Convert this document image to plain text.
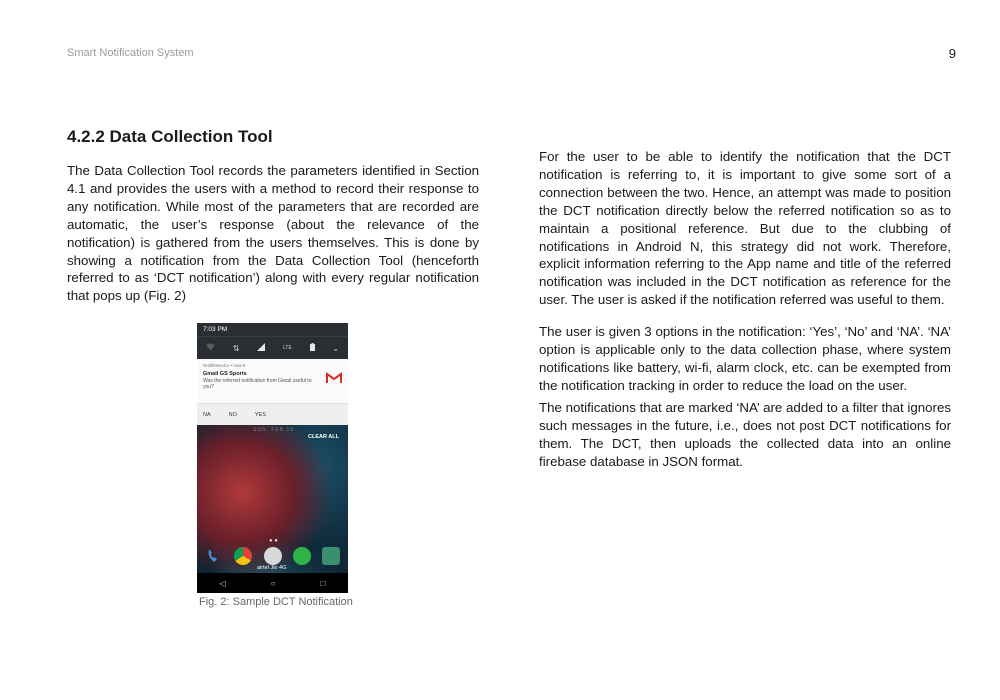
Smart Notification System	9
4.2.2 Data Collection Tool

The Data Collection Tool records the parameters identified in Section 4.1 and provides the users with a method to record their response to any notification. While most of the parameters that are recorded are automatic, the user’s response (about the relevance of the notification) is gathered from the users themselves. This is done by showing a notification from the Data Collection Tool (henceforth referred to as ‘DCT notification’) along with every regular notification that pops up (Fig. 2)

For the user to be able to identify the notification that the DCT notification is referring to, it is important to give some sort of a connection between the two. Hence, an attempt was made to position the DCT notification directly below the referred notification so as to maintain a positional reference. But due to the clubbing of notifications in Android N, this strategy did not work. Therefore, explicit information referring to the App name and title of the referred notification was included in the DCT notification as reference for the user. The user is asked if the notification referred was useful to them.

The user is given 3 options in the notification: ‘Yes’, ‘No’ and ‘NA’. ‘NA’ option is applicable only to the data collection phase, where system notifications like battery, wi-fi, alarm clock, etc. can be exempted from the notification tracking in order to reduce the load on the user.

The notifications that are marked ‘NA’ are added to a filter that ignores such messages in the future, i.e., does not post DCT notifications for them. The DCT, then uploads the collected data into an online firebase database in JSON format.

7:03 PM
⇅	LTE	⌄
NotifDetector • now ▾
Gmail GS Sports
Was the referred notification from Gmail useful to you?
NA	NO	YES
SUN, FEB 19
CLEAR ALL
● ●
airtel Jio 4G
◁	○	□
Fig. 2: Sample DCT Notification
